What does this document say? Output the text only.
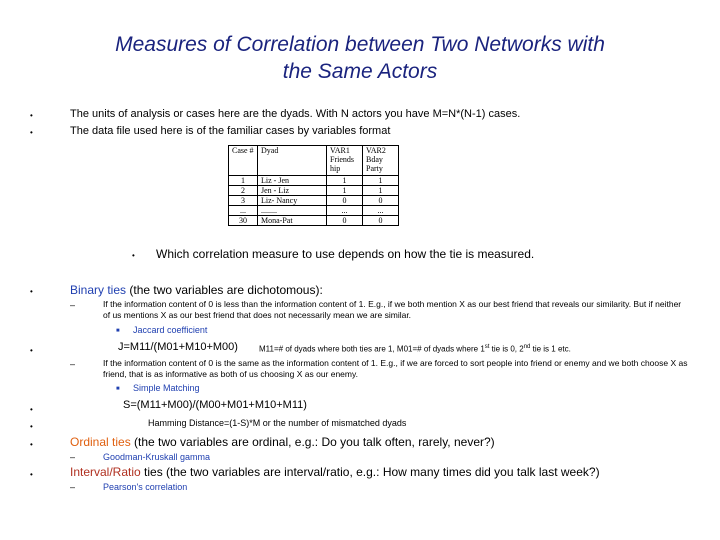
Measures of Correlation between Two Networks with
the Same Actors
•	The units of analysis or cases here are the dyads. With N actors you have M=N*(N-1) cases.
•	The data file used here is of the familiar cases by variables format
Case #	Dyad	VAR1 Friends hip	VAR2 Bday Party
1	Liz - Jen	1	1
2	Jen - Liz	1	1
3	Liz- Nancy	0	0
...	........	...	...
30	Mona-Pat	0	0
• Which correlation measure to use depends on how the tie is measured.
•	Binary ties (the two variables are dichotomous):
–	If the information content of 0 is less than the information content of 1. E.g., if we both mention X as our best friend that reveals our similarity. But if neither of us mentions X as our best friend that does not necessarily mean we are similar.
■ Jaccard coefficient
•	J=M11/(M01+M10+M00)	M11=# of dyads where both ties are 1, M01=# of dyads where 1st tie is 0, 2nd tie is 1 etc.
–	If the information content of 0 is the same as the information content of 1. E.g., if we are forced to sort people into friend or enemy and we both choose X as friend, that is as informative as both of us choosing X as our enemy.
■ Simple Matching
•	S=(M11+M00)/(M00+M01+M10+M11)
•	Hamming Distance=(1-S)*M or the number of mismatched dyads
•	Ordinal ties (the two variables are ordinal, e.g.: Do you talk often, rarely, never?)
–	Goodman-Kruskall gamma
•	Interval/Ratio ties (the two variables are interval/ratio, e.g.: How many times did you talk last week?)
–	Pearson's correlation
